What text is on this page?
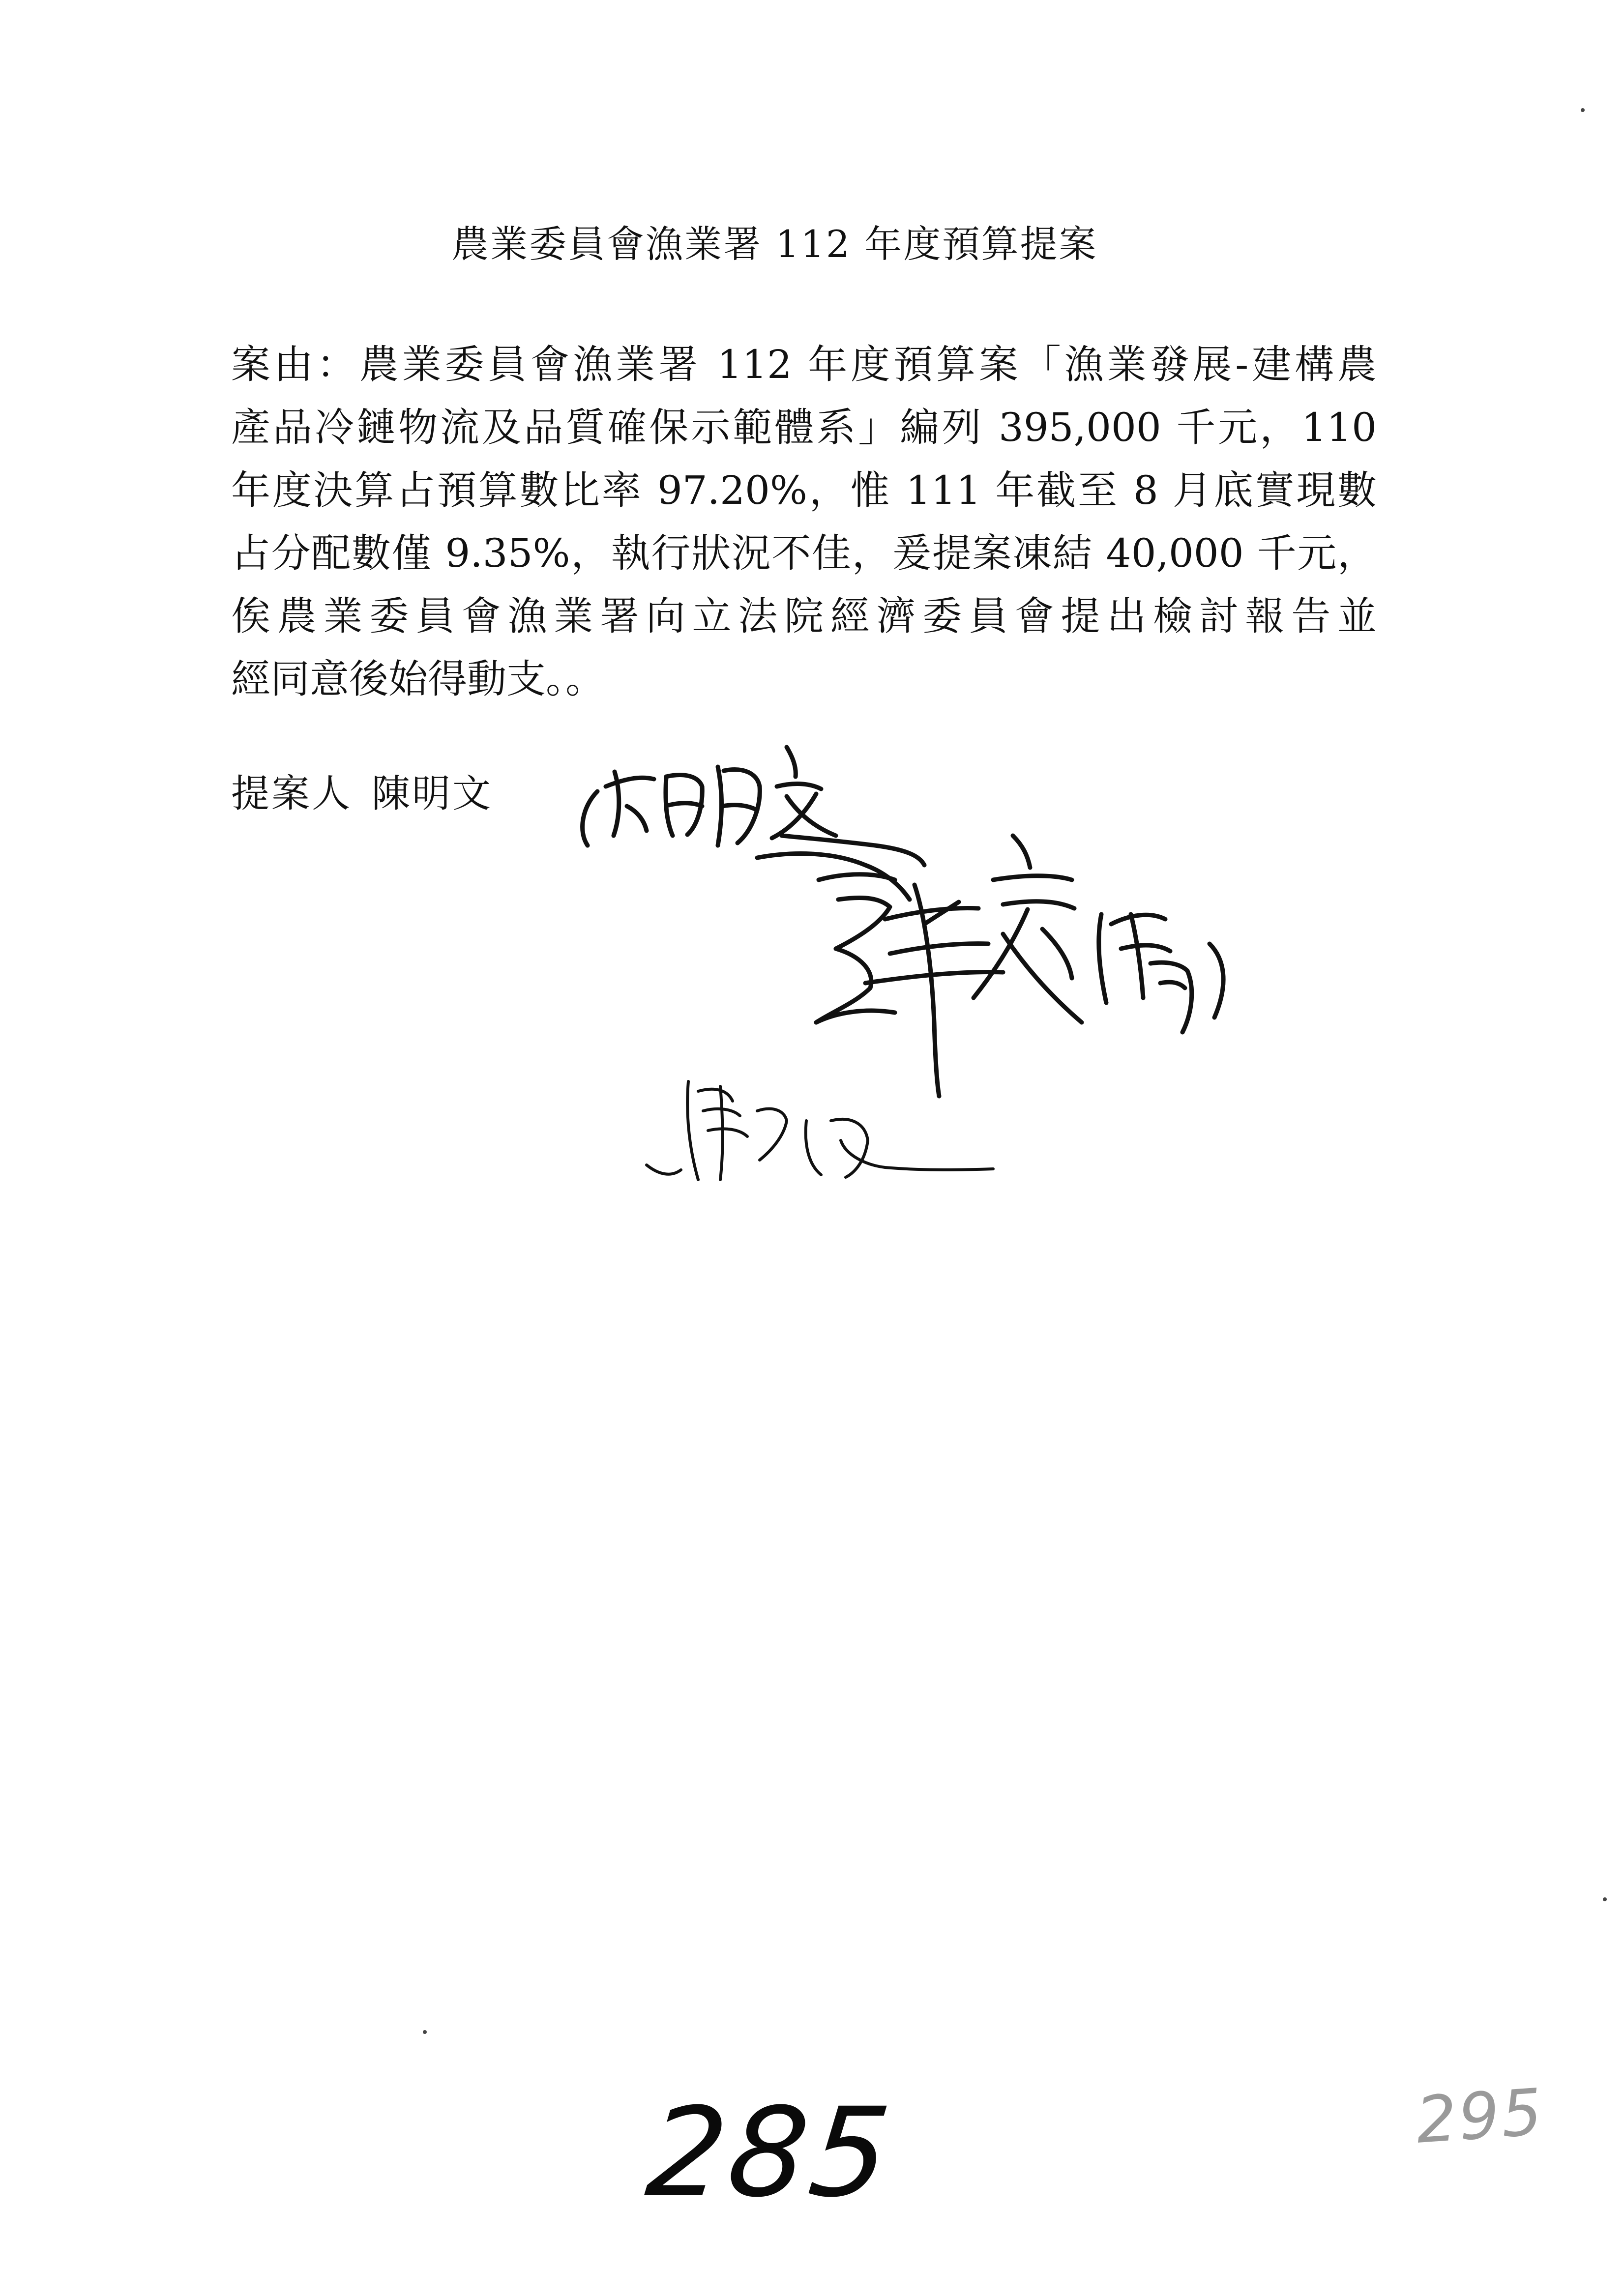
農業委員會漁業署 112 年度預算提案
案由：農業委員會漁業署 112 年度預算案「漁業發展-建構農
產品冷鏈物流及品質確保示範體系」編列 395,000 千元，110
年度決算占預算數比率 97.20%，惟 111 年截至 8 月底實現數
占分配數僅 9.35%，執行狀況不佳，爰提案凍結 40,000 千元，
俟農業委員會漁業署向立法院經濟委員會提出檢討報告並
經同意後始得動支。。
提案人 陳明文
285	295
